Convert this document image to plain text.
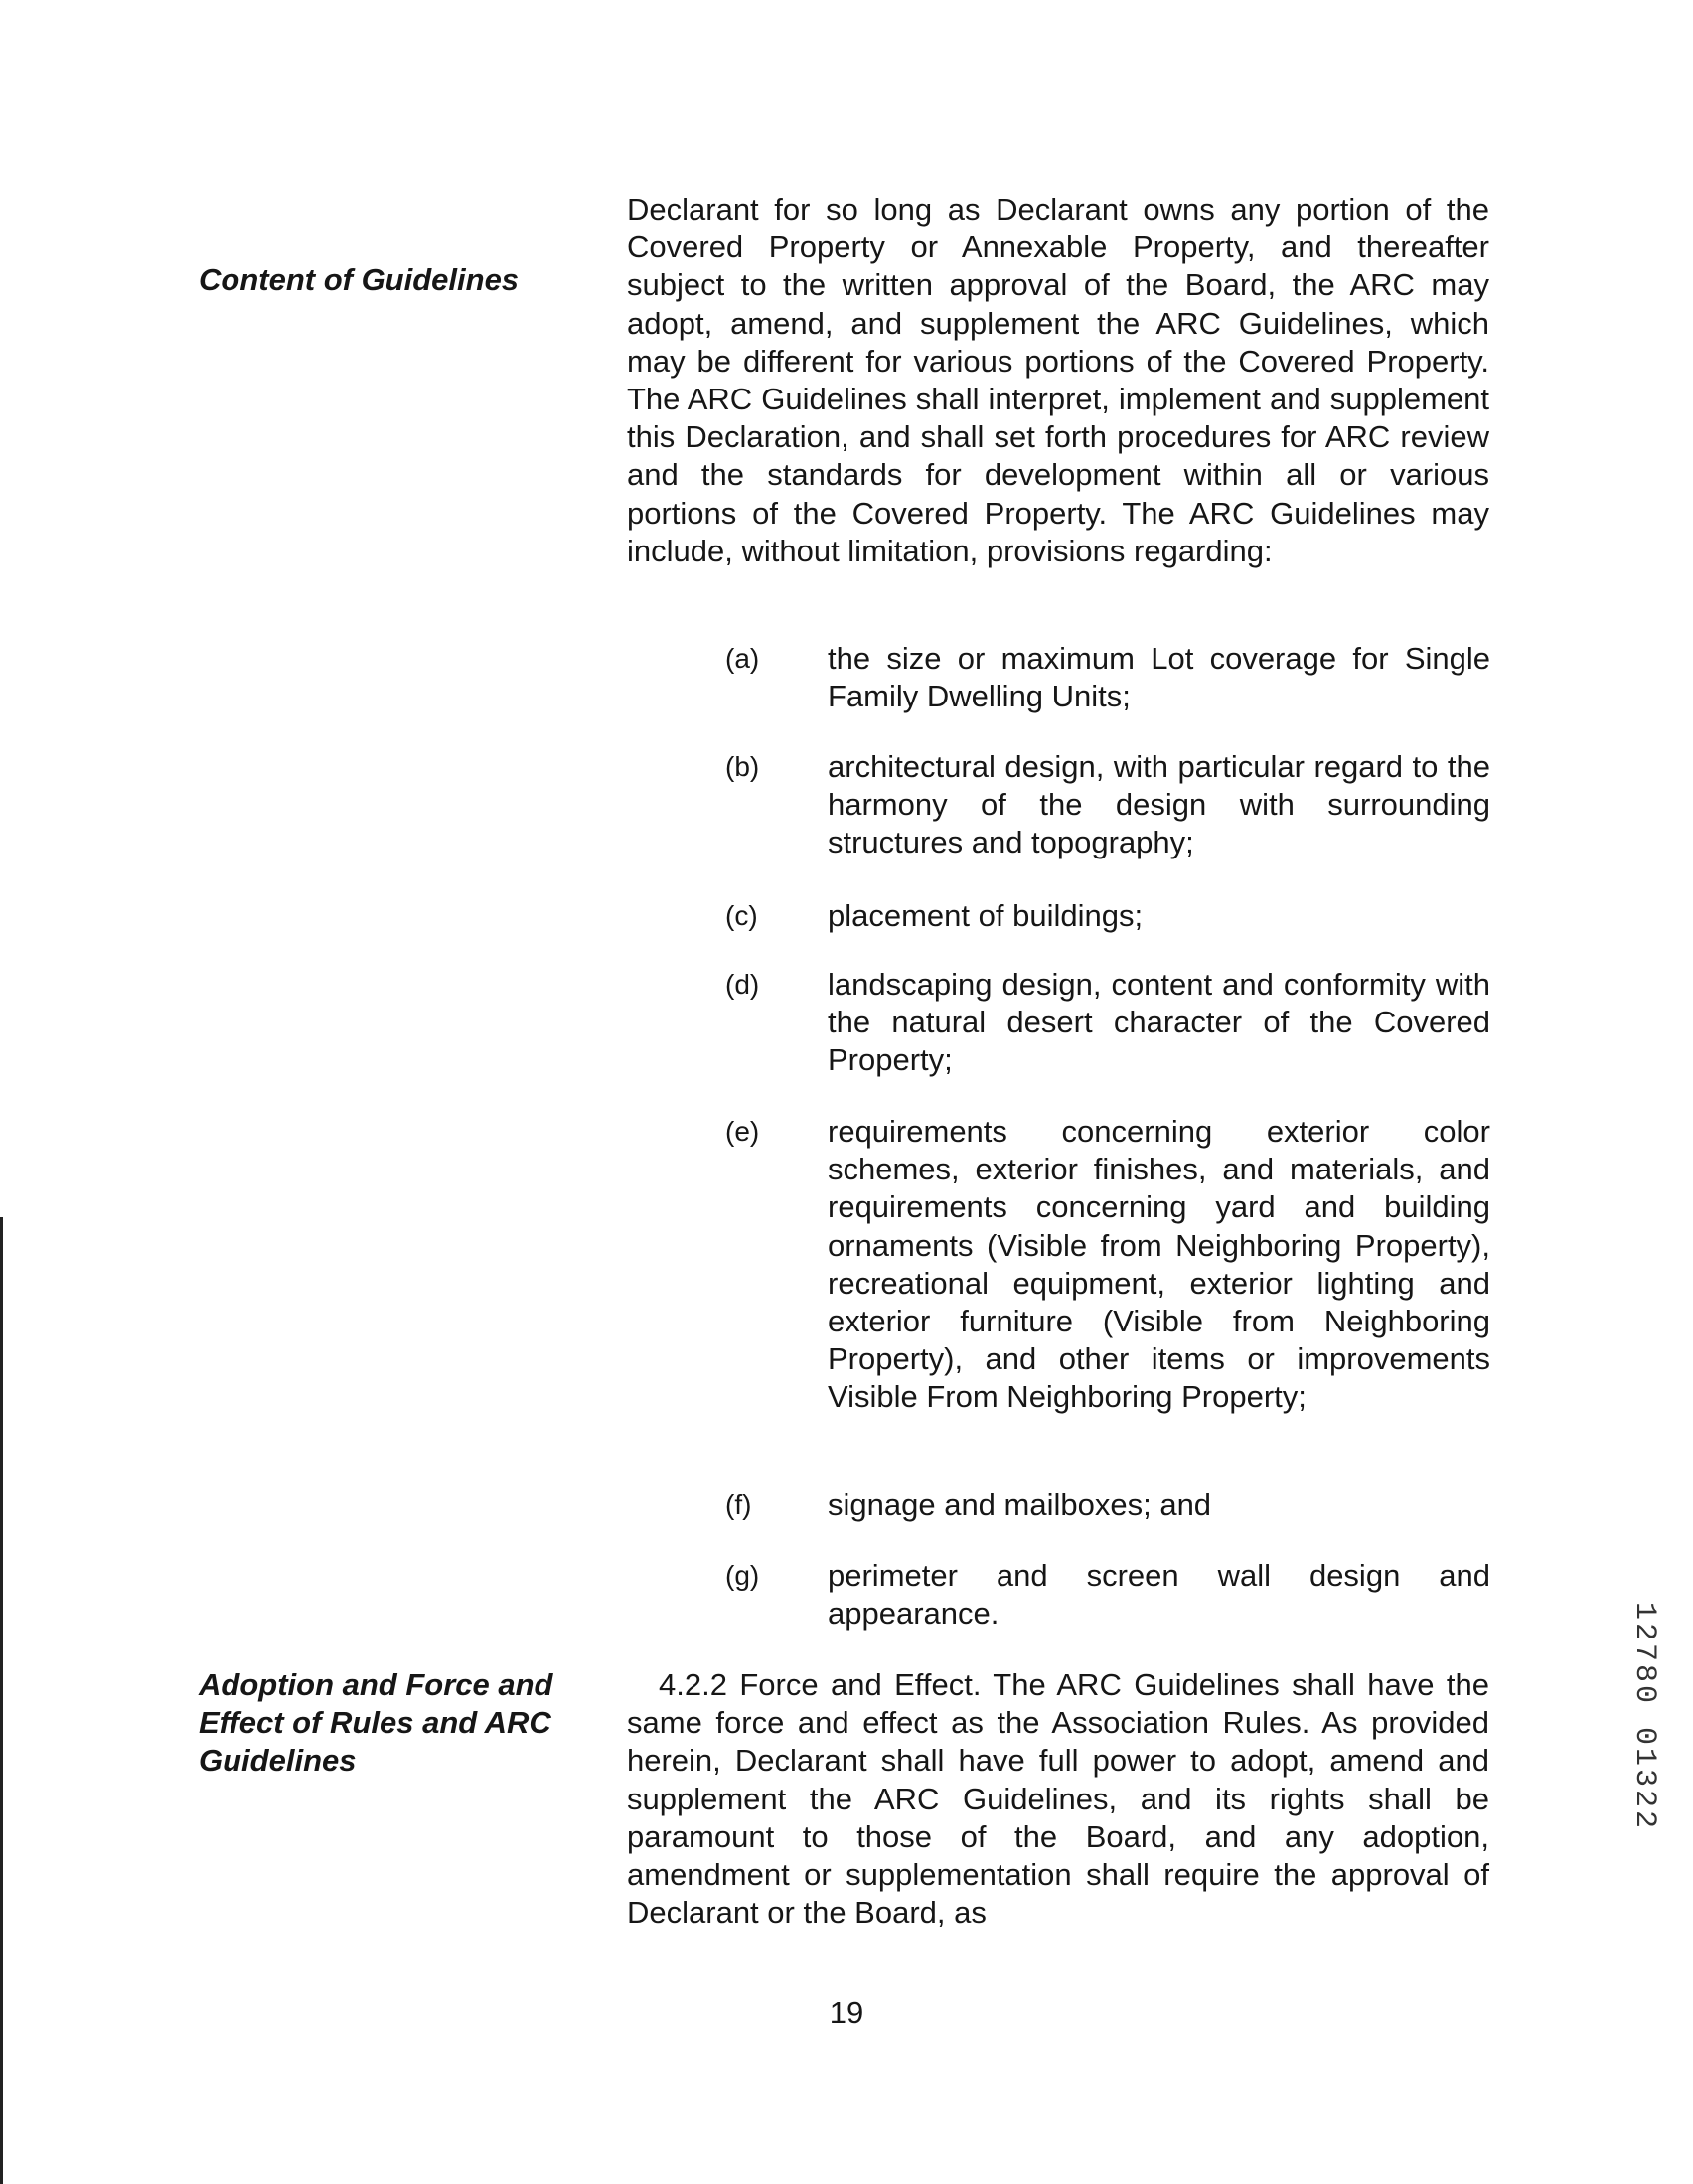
Content of Guidelines
Declarant for so long as Declarant owns any portion of the Covered Property or Annexable Property, and thereafter subject to the written approval of the Board, the ARC may adopt, amend, and supplement the ARC Guidelines, which may be different for various portions of the Covered Property. The ARC Guidelines shall interpret, implement and supplement this Declaration, and shall set forth procedures for ARC review and the standards for development within all or various portions of the Covered Property. The ARC Guidelines may include, without limitation, provisions regarding:
(a)	the size or maximum Lot coverage for Single Family Dwelling Units;
(b)	architectural design, with particular regard to the harmony of the design with surrounding structures and topography;
(c)	placement of buildings;
(d)	landscaping design, content and conformity with the natural desert character of the Covered Property;
(e)	requirements concerning exterior color schemes, exterior finishes, and materials, and requirements concerning yard and building ornaments (Visible from Neighboring Property), recreational equipment, exterior lighting and exterior furniture (Visible from Neighboring Property), and other items or improvements Visible From Neighboring Property;
(f)	signage and mailboxes; and
(g)	perimeter and screen wall design and appearance.
Adoption and Force and Effect of Rules and ARC Guidelines
4.2.2 Force and Effect. The ARC Guidelines shall have the same force and effect as the Association Rules. As provided herein, Declarant shall have full power to adopt, amend and supplement the ARC Guidelines, and its rights shall be paramount to those of the Board, and any adoption, amendment or supplementation shall require the approval of Declarant or the Board, as
12780 01322
19
